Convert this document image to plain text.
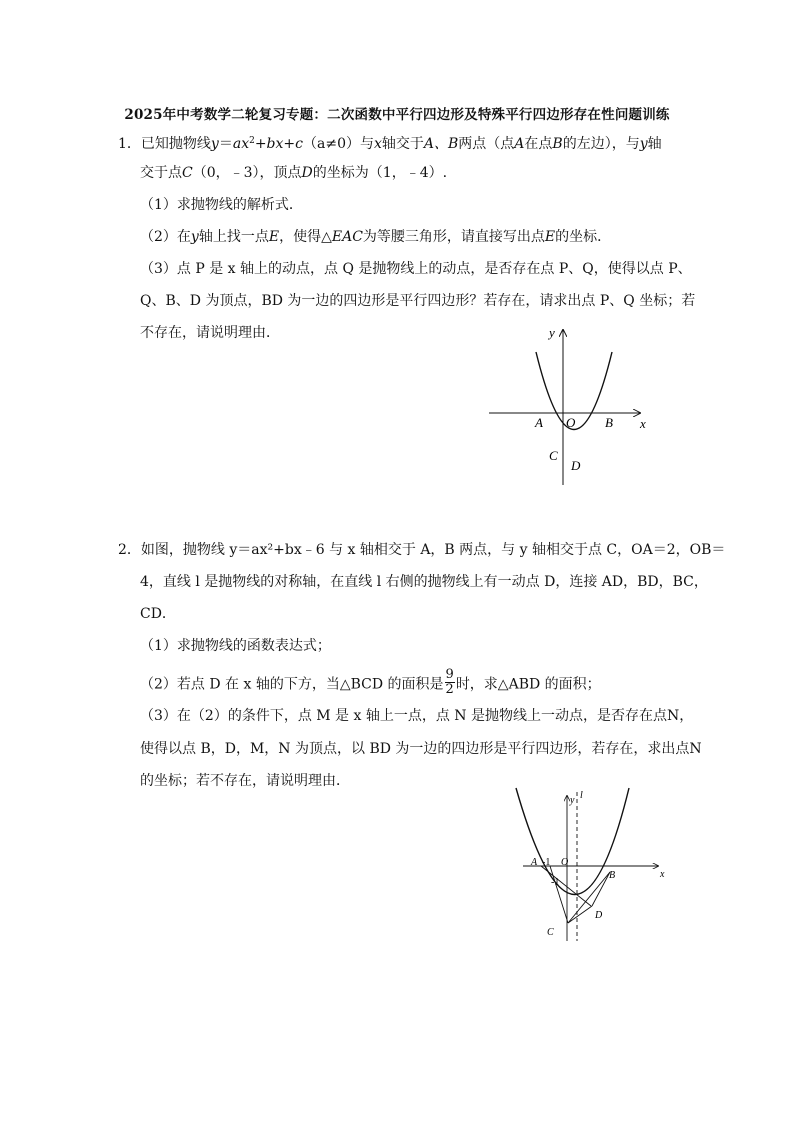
2025年中考数学二轮复习专题：二次函数中平行四边形及特殊平行四边形存在性问题训练
1．已知抛物线$y=ax^2+bx+c(a\ne 0)$与x轴交于A、B两点（点A在点B的左边），与y轴
交于点C（0，﹣3），顶点D的坐标为（1，﹣4）.
（1）求抛物线的解析式．
（2）在y轴上找一点E，使得△EAC为等腰三角形，请直接写出点E的坐标．
（3）点 P 是 x 轴上的动点，点 Q 是抛物线上的动点，是否存在点 P、Q，使得以点 P、
Q、B、D 为顶点，BD 为一边的四边形是平行四边形？若存在，请求出点 P、Q 坐标；若
不存在，请说明理由．	y
x
A O B
C
D
2．如图，抛物线 y＝ax²+bx﹣6 与 x 轴相交于 A，B 两点，与 y 轴相交于点 C，OA＝2，OB＝
4，直线 l 是抛物线的对称轴，在直线 l 右侧的抛物线上有一动点 D，连接 AD，BD，BC，
CD．
（1）求抛物线的函数表达式；
（2）若点 D 在 x 轴的下方，当△BCD 的面积是 $\frac{9}{2}$ 时，求△ABD 的面积；
（3）在（2）的条件下，点 M 是 x 轴上一点，点 N 是抛物线上一动点，是否存在点N，
使得以点 B，D，M，N 为顶点，以 BD 为一边的四边形是平行四边形，若存在，求出点N
的坐标；若不存在，请说明理由．
y l
A -1 O
-1
B	x
D
C
